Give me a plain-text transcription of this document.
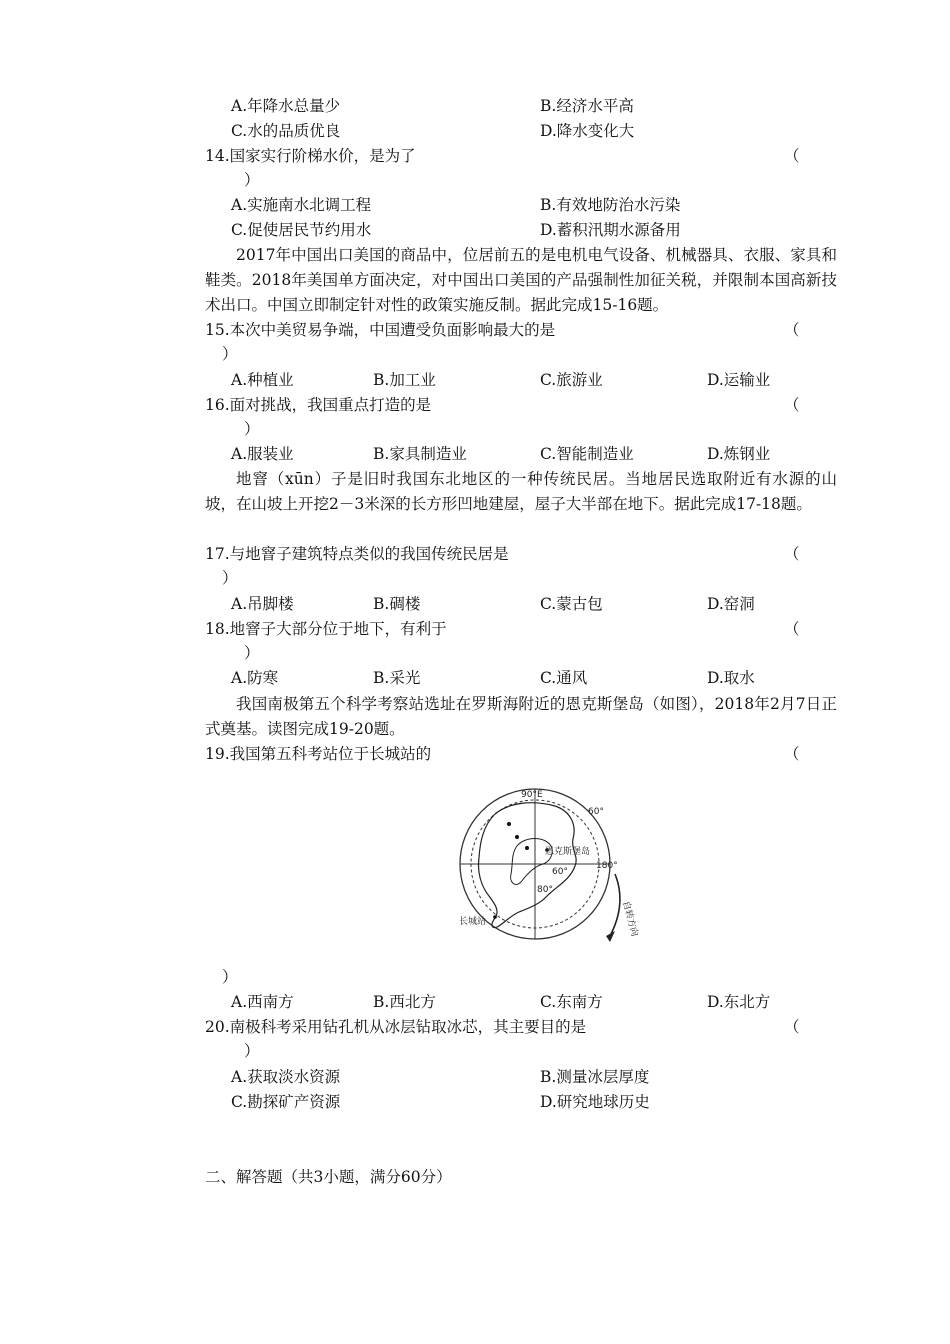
A.年降水总量少	B.经济水平高
C.水的品质优良	D.降水变化大
14.国家实行阶梯水价，是为了	（
）
A.实施南水北调工程	B.有效地防治水污染
C.促使居民节约用水	D.蓄积汛期水源备用
2017年中国出口美国的商品中，位居前五的是电机电气设备、机械器具、衣服、家具和鞋类。2018年美国单方面决定，对中国出口美国的产品强制性加征关税，并限制本国高新技术出口。中国立即制定针对性的政策实施反制。据此完成15-16题。
15.本次中美贸易争端，中国遭受负面影响最大的是	（
）
A.种植业	B.加工业	C.旅游业	D.运输业
16.面对挑战，我国重点打造的是	（
）
A.服装业	B.家具制造业	C.智能制造业	D.炼钢业
地窨（xūn）子是旧时我国东北地区的一种传统民居。当地居民选取附近有水源的山坡，在山坡上开挖2－3米深的长方形凹地建屋，屋子大半部在地下。据此完成17-18题。
17.与地窨子建筑特点类似的我国传统民居是	（
）
A.吊脚楼	B.碉楼	C.蒙古包	D.窑洞
18.地窨子大部分位于地下，有利于	（
）
A.防寒	B.采光	C.通风	D.取水
我国南极第五个科学考察站选址在罗斯海附近的恩克斯堡岛（如图），2018年2月7日正式奠基。读图完成19-20题。
19.我国第五科考站位于长城站的	（
90°E
60°
180°
80°
60°
恩克斯堡岛
长城站	自转方向
）
A.西南方	B.西北方	C.东南方	D.东北方
20.南极科考采用钻孔机从冰层钻取冰芯，其主要目的是	（
）
A.获取淡水资源	B.测量冰层厚度
C.勘探矿产资源	D.研究地球历史
二、解答题（共3小题，满分60分）
